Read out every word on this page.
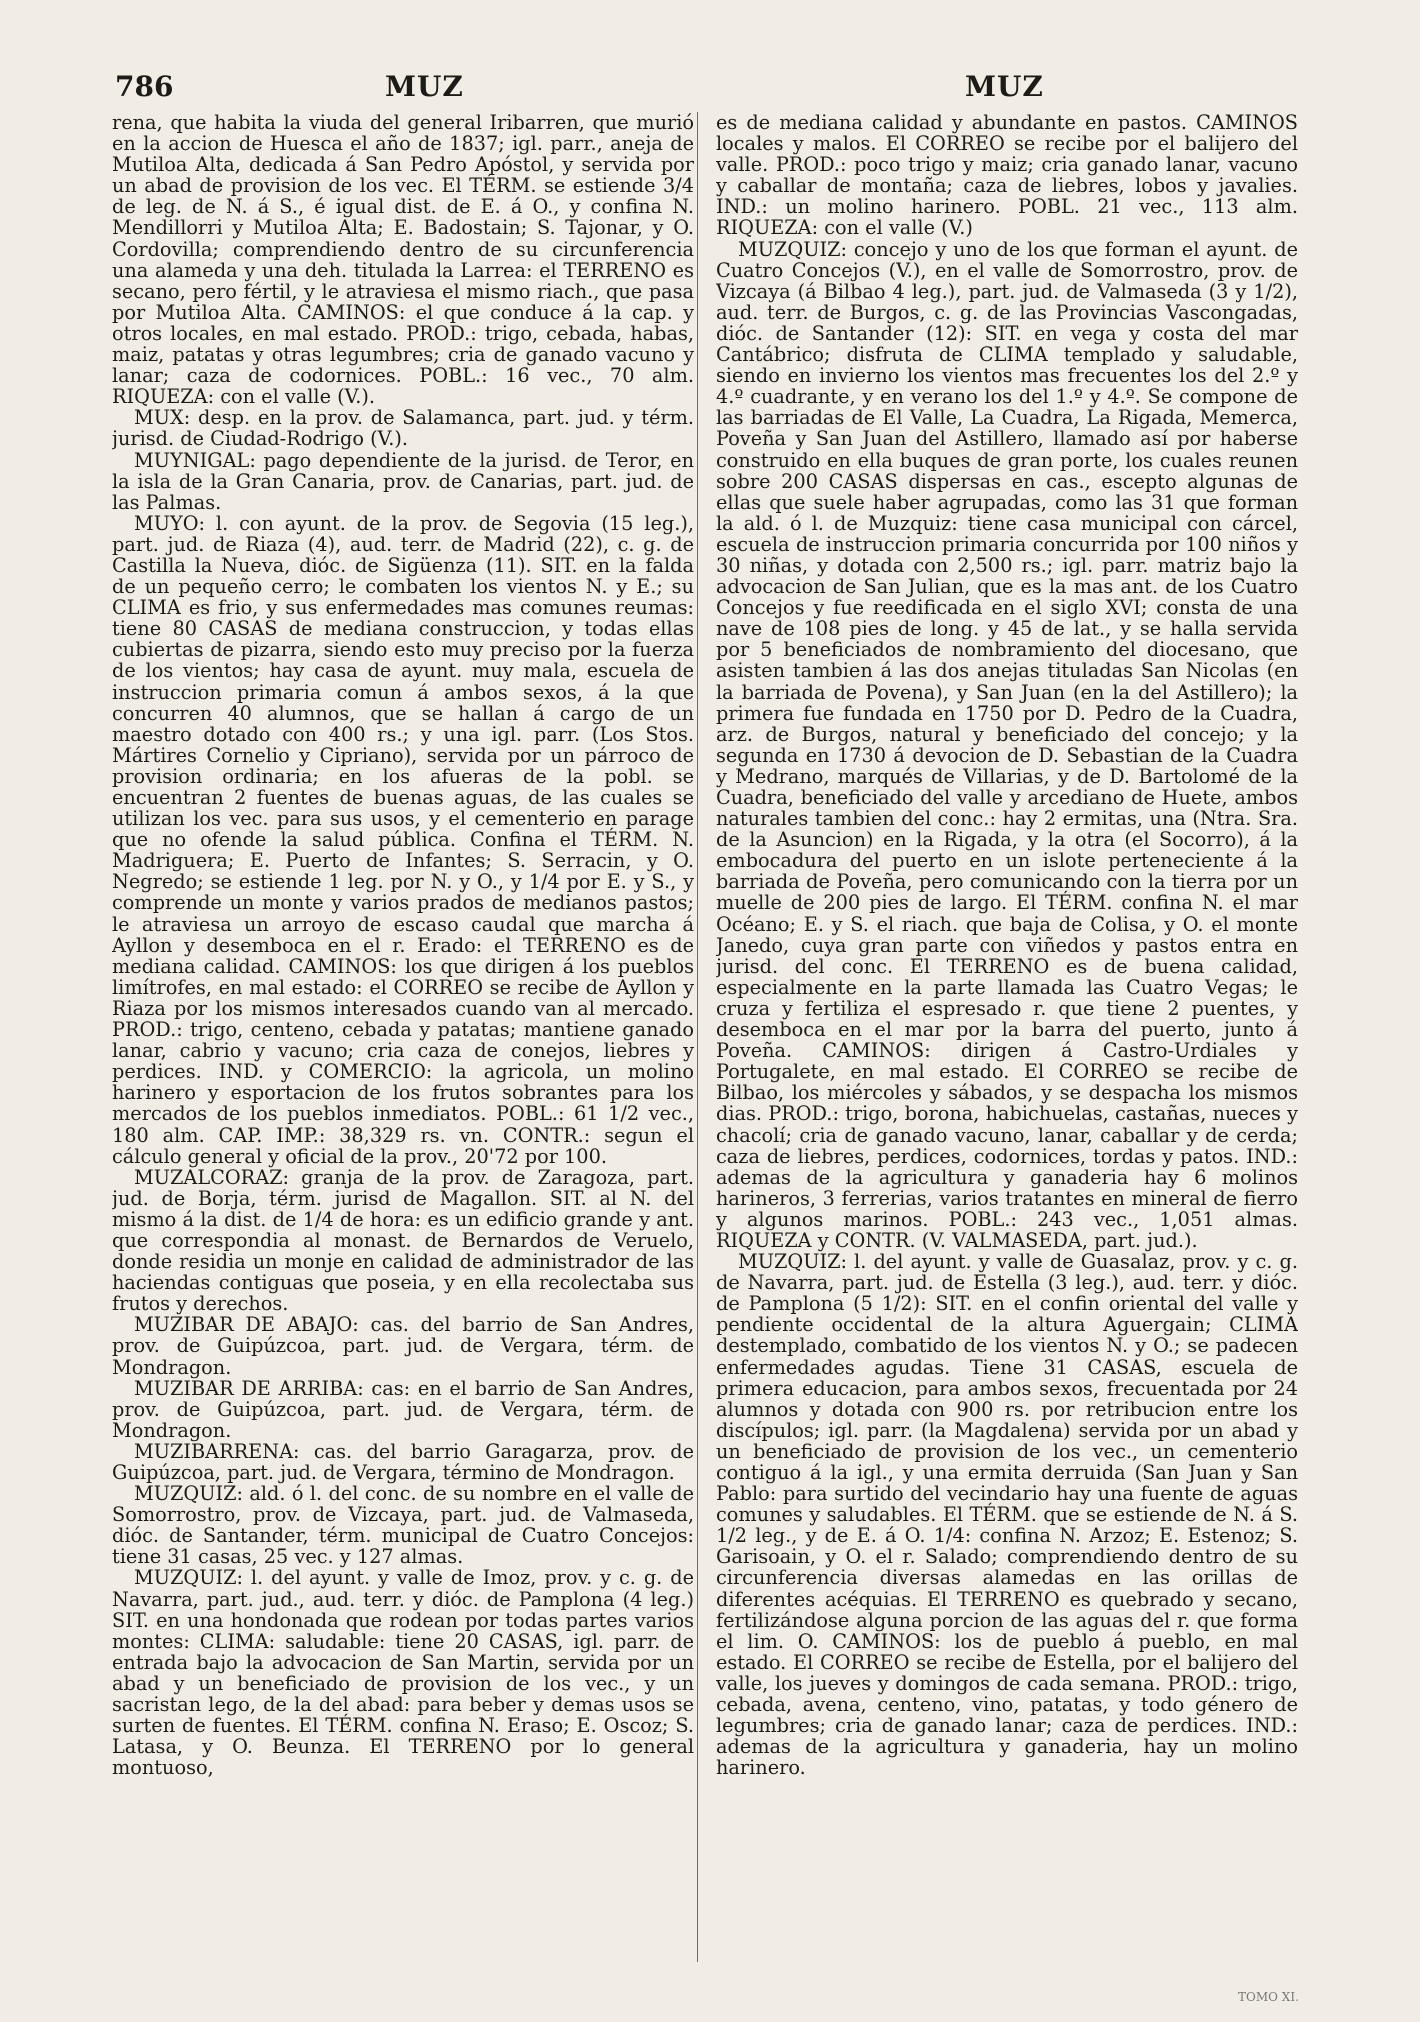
786	MUZ	MUZ

rena, que habita la viuda del general Iribarren, que murió en la accion de Huesca el año de 1837; igl. parr., aneja de Mutiloa Alta, dedicada á San Pedro Apóstol, y servida por un abad de provision de los vec. El TÉRM. se estiende 3/4 de leg. de N. á S., é igual dist. de E. á O., y confina N. Mendillorri y Mutiloa Alta; E. Badostain; S. Tajonar, y O. Cordovilla; comprendiendo dentro de su circunferencia una alameda y una deh. titulada la Larrea: el TERRENO es secano, pero fértil, y le atraviesa el mismo riach., que pasa por Mutiloa Alta. CAMINOS: el que conduce á la cap. y otros locales, en mal estado. PROD.: trigo, cebada, habas, maiz, patatas y otras legumbres; cria de ganado vacuno y lanar; caza de codornices. POBL.: 16 vec., 70 alm. RIQUEZA: con el valle (V.).

MUX: desp. en la prov. de Salamanca, part. jud. y térm. jurisd. de Ciudad-Rodrigo (V.).

MUYNIGAL: pago dependiente de la jurisd. de Teror, en la isla de la Gran Canaria, prov. de Canarias, part. jud. de las Palmas.

MUYO: l. con ayunt. de la prov. de Segovia (15 leg.), part. jud. de Riaza (4), aud. terr. de Madrid (22), c. g. de Castilla la Nueva, dióc. de Sigüenza (11). SIT. en la falda de un pequeño cerro; le combaten los vientos N. y E.; su CLIMA es frio, y sus enfermedades mas comunes reumas: tiene 80 CASAS de mediana construccion, y todas ellas cubiertas de pizarra, siendo esto muy preciso por la fuerza de los vientos; hay casa de ayunt. muy mala, escuela de instruccion primaria comun á ambos sexos, á la que concurren 40 alumnos, que se hallan á cargo de un maestro dotado con 400 rs.; y una igl. parr. (Los Stos. Mártires Cornelio y Cipriano), servida por un párroco de provision ordinaria; en los afueras de la pobl. se encuentran 2 fuentes de buenas aguas, de las cuales se utilizan los vec. para sus usos, y el cementerio en parage que no ofende la salud pública. Confina el TÉRM. N. Madriguera; E. Puerto de Infantes; S. Serracin, y O. Negredo; se estiende 1 leg. por N. y O., y 1/4 por E. y S., y comprende un monte y varios prados de medianos pastos; le atraviesa un arroyo de escaso caudal que marcha á Ayllon y desemboca en el r. Erado: el TERRENO es de mediana calidad. CAMINOS: los que dirigen á los pueblos limítrofes, en mal estado: el CORREO se recibe de Ayllon y Riaza por los mismos interesados cuando van al mercado. PROD.: trigo, centeno, cebada y patatas; mantiene ganado lanar, cabrio y vacuno; cria caza de conejos, liebres y perdices. IND. y COMERCIO: la agricola, un molino harinero y esportacion de los frutos sobrantes para los mercados de los pueblos inmediatos. POBL.: 61 1/2 vec., 180 alm. CAP. IMP.: 38,329 rs. vn. CONTR.: segun el cálculo general y oficial de la prov., 20'72 por 100.

MUZALCORAZ: granja de la prov. de Zaragoza, part. jud. de Borja, térm. jurisd de Magallon. SIT. al N. del mismo á la dist. de 1/4 de hora: es un edificio grande y ant. que correspondia al monast. de Bernardos de Veruelo, donde residia un monje en calidad de administrador de las haciendas contiguas que poseia, y en ella recolectaba sus frutos y derechos.

MUZIBAR DE ABAJO: cas. del barrio de San Andres, prov. de Guipúzcoa, part. jud. de Vergara, térm. de Mondragon.

MUZIBAR DE ARRIBA: cas: en el barrio de San Andres, prov. de Guipúzcoa, part. jud. de Vergara, térm. de Mondragon.

MUZIBARRENA: cas. del barrio Garagarza, prov. de Guipúzcoa, part. jud. de Vergara, término de Mondragon.

MUZQUIZ: ald. ó l. del conc. de su nombre en el valle de Somorrostro, prov. de Vizcaya, part. jud. de Valmaseda, dióc. de Santander, térm. municipal de Cuatro Concejos: tiene 31 casas, 25 vec. y 127 almas.

MUZQUIZ: l. del ayunt. y valle de Imoz, prov. y c. g. de Navarra, part. jud., aud. terr. y dióc. de Pamplona (4 leg.) SIT. en una hondonada que rodean por todas partes varios montes: CLIMA: saludable: tiene 20 CASAS, igl. parr. de entrada bajo la advocacion de San Martin, servida por un abad y un beneficiado de provision de los vec., y un sacristan lego, de la del abad: para beber y demas usos se surten de fuentes. El TÉRM. confina N. Eraso; E. Oscoz; S. Latasa, y O. Beunza. El TERRENO por lo general montuoso,

es de mediana calidad y abundante en pastos. CAMINOS locales y malos. El CORREO se recibe por el balijero del valle. PROD.: poco trigo y maiz; cria ganado lanar, vacuno y caballar de montaña; caza de liebres, lobos y javalies. IND.: un molino harinero. POBL. 21 vec., 113 alm. RIQUEZA: con el valle (V.)

MUZQUIZ: concejo y uno de los que forman el ayunt. de Cuatro Concejos (V.), en el valle de Somorrostro, prov. de Vizcaya (á Bilbao 4 leg.), part. jud. de Valmaseda (3 y 1/2), aud. terr. de Burgos, c. g. de las Provincias Vascongadas, dióc. de Santander (12): SIT. en vega y costa del mar Cantábrico; disfruta de CLIMA templado y saludable, siendo en invierno los vientos mas frecuentes los del 2.º y 4.º cuadrante, y en verano los del 1.º y 4.º. Se compone de las barriadas de El Valle, La Cuadra, La Rigada, Memerca, Poveña y San Juan del Astillero, llamado así por haberse construido en ella buques de gran porte, los cuales reunen sobre 200 CASAS dispersas en cas., escepto algunas de ellas que suele haber agrupadas, como las 31 que forman la ald. ó l. de Muzquiz: tiene casa municipal con cárcel, escuela de instruccion primaria concurrida por 100 niños y 30 niñas, y dotada con 2,500 rs.; igl. parr. matriz bajo la advocacion de San Julian, que es la mas ant. de los Cuatro Concejos y fue reedificada en el siglo XVI; consta de una nave de 108 pies de long. y 45 de lat., y se halla servida por 5 beneficiados de nombramiento del diocesano, que asisten tambien á las dos anejas tituladas San Nicolas (en la barriada de Povena), y San Juan (en la del Astillero); la primera fue fundada en 1750 por D. Pedro de la Cuadra, arz. de Burgos, natural y beneficiado del concejo; y la segunda en 1730 á devocion de D. Sebastian de la Cuadra y Medrano, marqués de Villarias, y de D. Bartolomé de la Cuadra, beneficiado del valle y arcediano de Huete, ambos naturales tambien del conc.: hay 2 ermitas, una (Ntra. Sra. de la Asuncion) en la Rigada, y la otra (el Socorro), á la embocadura del puerto en un islote perteneciente á la barriada de Poveña, pero comunicando con la tierra por un muelle de 200 pies de largo. El TÉRM. confina N. el mar Océano; E. y S. el riach. que baja de Colisa, y O. el monte Janedo, cuya gran parte con viñedos y pastos entra en jurisd. del conc. El TERRENO es de buena calidad, especialmente en la parte llamada las Cuatro Vegas; le cruza y fertiliza el espresado r. que tiene 2 puentes, y desemboca en el mar por la barra del puerto, junto á Poveña. CAMINOS: dirigen á Castro-Urdiales y Portugalete, en mal estado. El CORREO se recibe de Bilbao, los miércoles y sábados, y se despacha los mismos dias. PROD.: trigo, borona, habichuelas, castañas, nueces y chacolí; cria de ganado vacuno, lanar, caballar y de cerda; caza de liebres, perdices, codornices, tordas y patos. IND.: ademas de la agricultura y ganaderia hay 6 molinos harineros, 3 ferrerias, varios tratantes en mineral de fierro y algunos marinos. POBL.: 243 vec., 1,051 almas. RIQUEZA y CONTR. (V. VALMASEDA, part. jud.).

MUZQUIZ: l. del ayunt. y valle de Guasalaz, prov. y c. g. de Navarra, part. jud. de Estella (3 leg.), aud. terr. y dióc. de Pamplona (5 1/2): SIT. en el confin oriental del valle y pendiente occidental de la altura Aguergain; CLIMA destemplado, combatido de los vientos N. y O.; se padecen enfermedades agudas. Tiene 31 CASAS, escuela de primera educacion, para ambos sexos, frecuentada por 24 alumnos y dotada con 900 rs. por retribucion entre los discípulos; igl. parr. (la Magdalena) servida por un abad y un beneficiado de provision de los vec., un cementerio contiguo á la igl., y una ermita derruida (San Juan y San Pablo: para surtido del vecindario hay una fuente de aguas comunes y saludables. El TÉRM. que se estiende de N. á S. 1/2 leg., y de E. á O. 1/4: confina N. Arzoz; E. Estenoz; S. Garisoain, y O. el r. Salado; comprendiendo dentro de su circunferencia diversas alamedas en las orillas de diferentes acéquias. El TERRENO es quebrado y secano, fertilizándose alguna porcion de las aguas del r. que forma el lim. O. CAMINOS: los de pueblo á pueblo, en mal estado. El CORREO se recibe de Estella, por el balijero del valle, los jueves y domingos de cada semana. PROD.: trigo, cebada, avena, centeno, vino, patatas, y todo género de legumbres; cria de ganado lanar; caza de perdices. IND.: ademas de la agricultura y ganaderia, hay un molino harinero.

TOMO XI.
